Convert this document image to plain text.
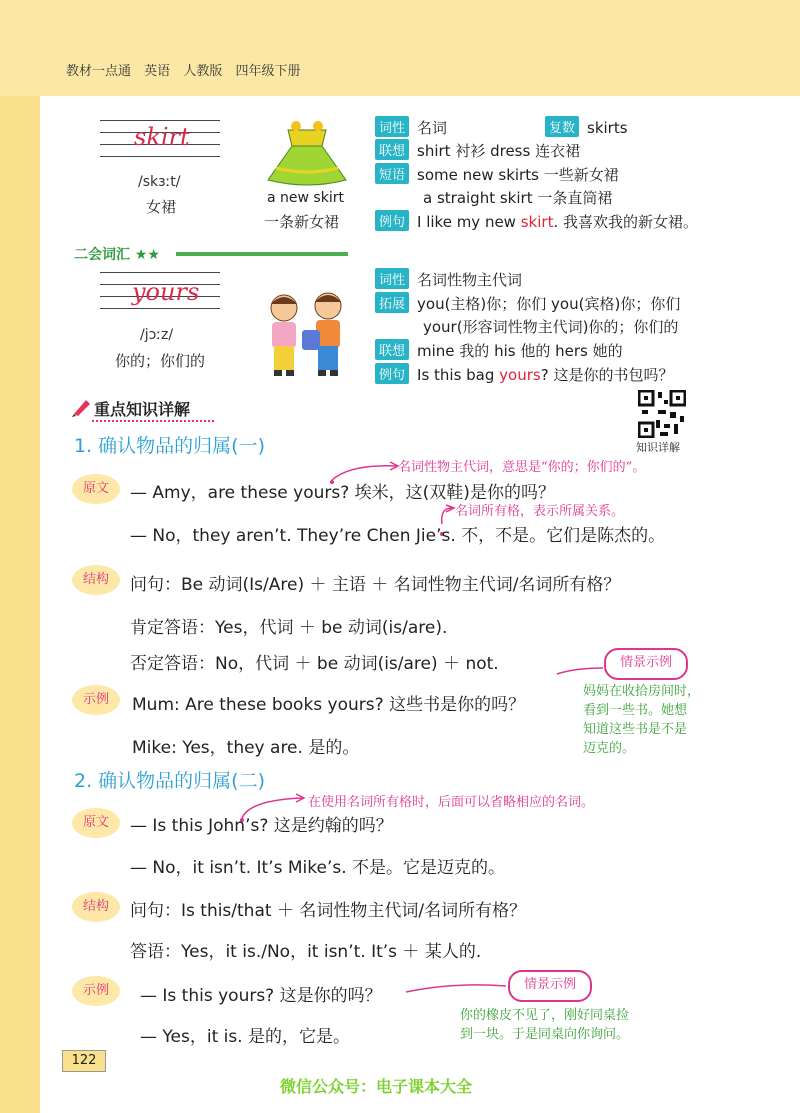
教材一点通 英语 人教版 四年级下册
skirt
/skɜːt/
女裙	a new skirt
一条新女裙
词性 名词	复数 skirts
联想 shirt 衬衫 dress 连衣裙
短语 some new skirts 一些新女裙
a straight skirt 一条直筒裙
例句 I like my new skirt. 我喜欢我的新女裙。
二会词汇 ★★
yours
/jɔːz/
你的；你们的
词性 名词性物主代词
拓展 you(主格)你；你们 you(宾格)你；你们
your(形容词性物主代词)你的；你们的
联想 mine 我的 his 他的 hers 她的
例句 Is this bag yours? 这是你的书包吗？
重点知识详解
知识详解
1. 确认物品的归属(一)
名词性物主代词，意思是“你的；你们的”。
名词所有格，表示所属关系。
原文	— Amy，are these yours? 埃米，这(双鞋)是你的吗？
— No，they aren’t. They’re Chen Jie’s. 不，不是。它们是陈杰的。
结构	问句：Be 动词(Is/Are) ＋ 主语 ＋ 名词性物主代词/名词所有格？
肯定答语：Yes，代词 ＋ be 动词(is/are).
否定答语：No，代词 ＋ be 动词(is/are) ＋ not.
示例	Mum: Are these books yours? 这些书是你的吗？
Mike: Yes，they are. 是的。
情景示例
妈妈在收拾房间时，
看到一些书。她想
知道这些书是不是
迈克的。
2. 确认物品的归属(二)
在使用名词所有格时，后面可以省略相应的名词。
原文	— Is this John’s? 这是约翰的吗？
— No，it isn’t. It’s Mike’s. 不是。它是迈克的。
结构	问句：Is this/that ＋ 名词性物主代词/名词所有格？
答语：Yes，it is./No，it isn’t. It’s ＋ 某人的.
示例	— Is this yours? 这是你的吗？
— Yes，it is. 是的，它是。
情景示例
你的橡皮不见了，刚好同桌捡
到一块。于是同桌向你询问。
122
微信公众号：电子课本大全
